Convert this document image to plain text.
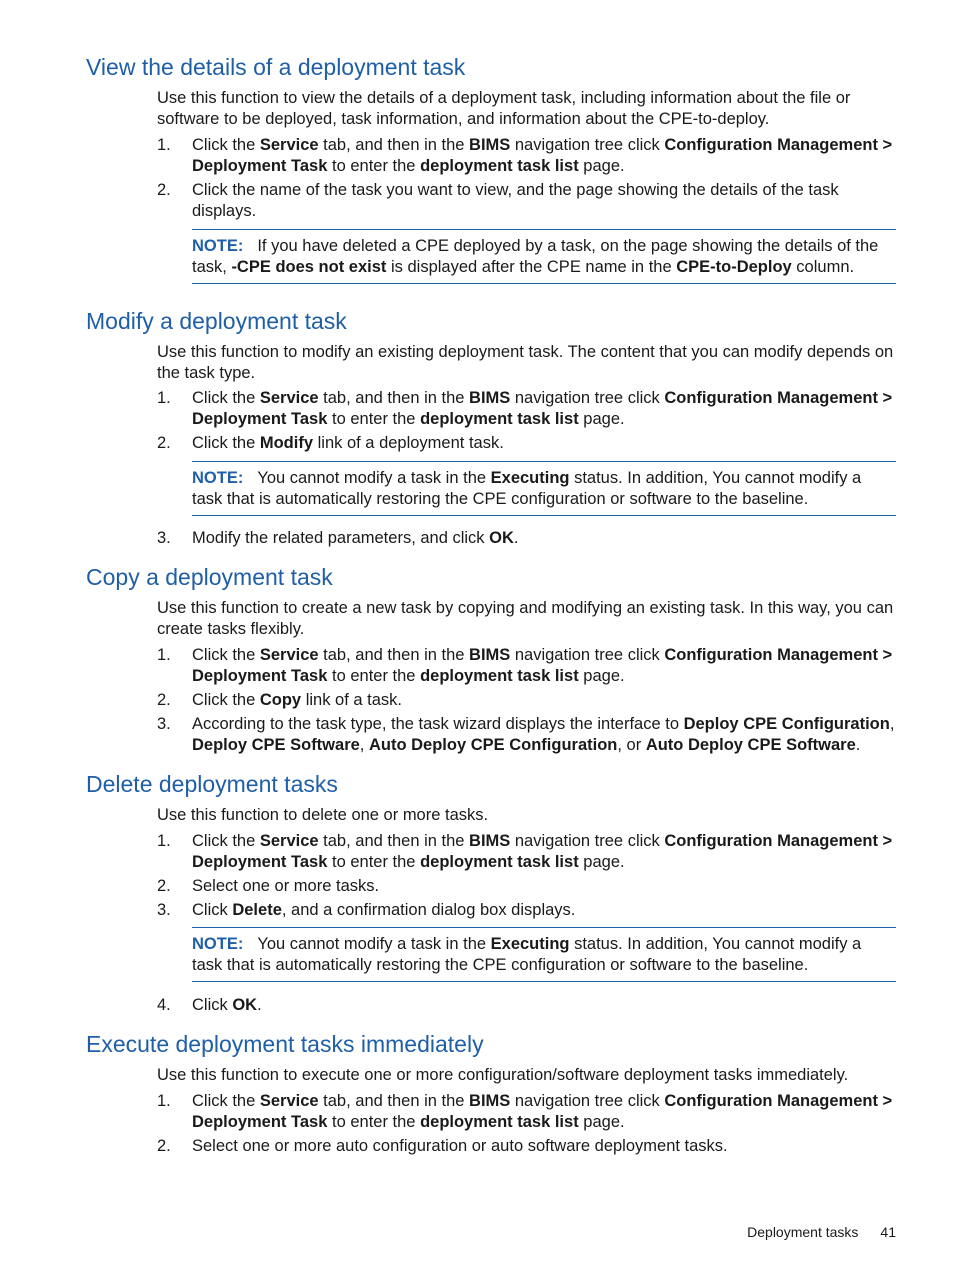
View the details of a deployment task

Use this function to view the details of a deployment task, including information about the file or software to be deployed, task information, and information about the CPE-to-deploy.

1.	Click the Service tab, and then in the BIMS navigation tree click Configuration Management > Deployment Task to enter the deployment task list page.
2.	Click the name of the task you want to view, and the page showing the details of the task displays.
NOTE: If you have deleted a CPE deployed by a task, on the page showing the details of the task, -CPE does not exist is displayed after the CPE name in the CPE-to-Deploy column.
Modify a deployment task

Use this function to modify an existing deployment task. The content that you can modify depends on the task type.

1.	Click the Service tab, and then in the BIMS navigation tree click Configuration Management > Deployment Task to enter the deployment task list page.
2.	Click the Modify link of a deployment task.
NOTE: You cannot modify a task in the Executing status. In addition, You cannot modify a task that is automatically restoring the CPE configuration or software to the baseline.
3.	Modify the related parameters, and click OK.
Copy a deployment task

Use this function to create a new task by copying and modifying an existing task. In this way, you can create tasks flexibly.

1.	Click the Service tab, and then in the BIMS navigation tree click Configuration Management > Deployment Task to enter the deployment task list page.
2.	Click the Copy link of a task.
3.	According to the task type, the task wizard displays the interface to Deploy CPE Configuration, Deploy CPE Software, Auto Deploy CPE Configuration, or Auto Deploy CPE Software.
Delete deployment tasks

Use this function to delete one or more tasks.

1.	Click the Service tab, and then in the BIMS navigation tree click Configuration Management > Deployment Task to enter the deployment task list page.
2.	Select one or more tasks.
3.	Click Delete, and a confirmation dialog box displays.
NOTE: You cannot modify a task in the Executing status. In addition, You cannot modify a task that is automatically restoring the CPE configuration or software to the baseline.
4.	Click OK.
Execute deployment tasks immediately

Use this function to execute one or more configuration/software deployment tasks immediately.

1.	Click the Service tab, and then in the BIMS navigation tree click Configuration Management > Deployment Task to enter the deployment task list page.
2.	Select one or more auto configuration or auto software deployment tasks.
Deployment tasks 41
